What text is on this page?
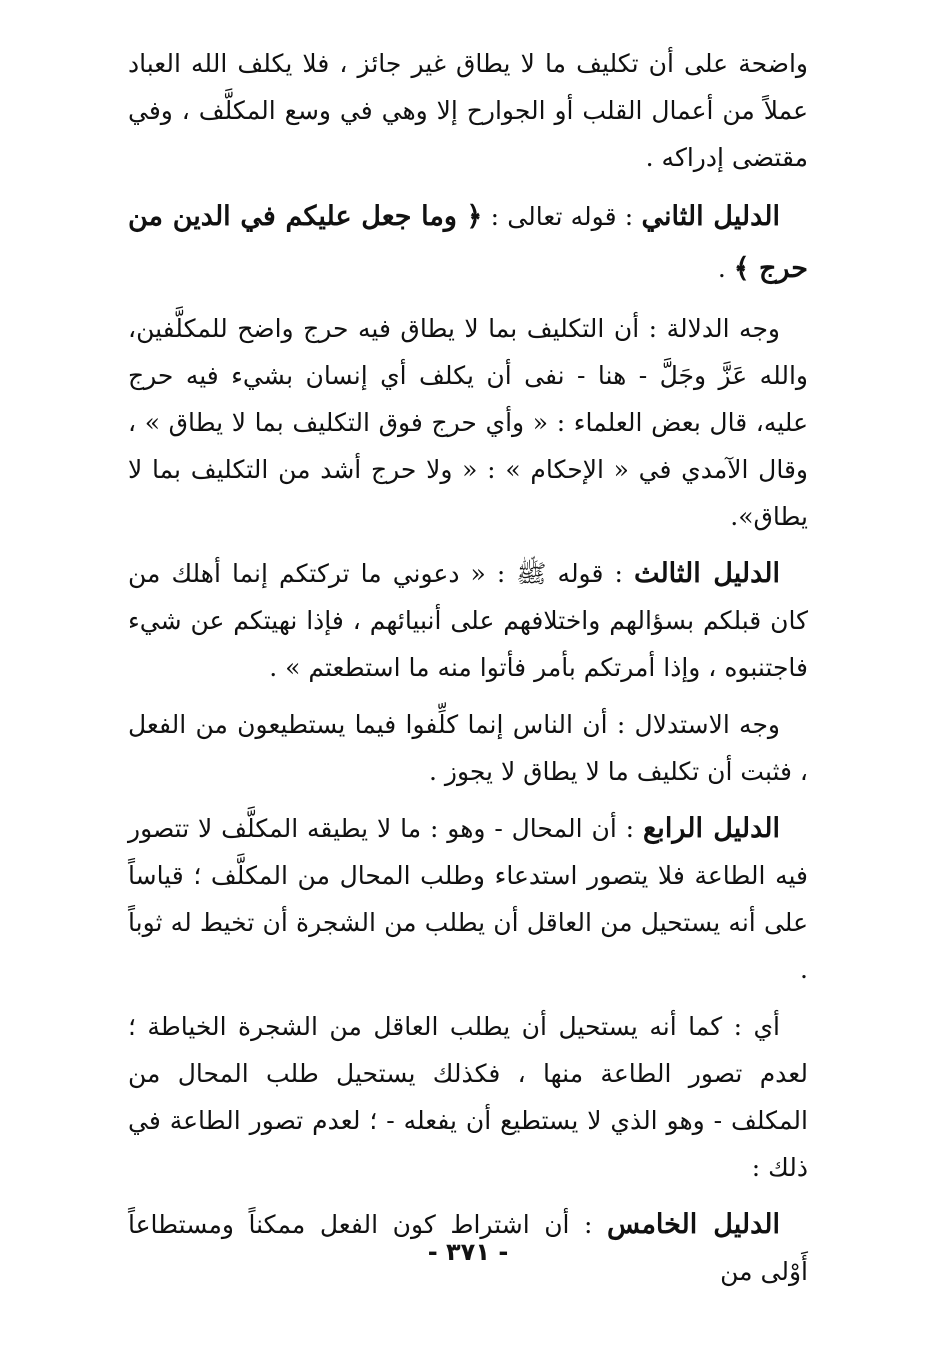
واضحة على أن تكليف ما لا يطاق غير جائز ، فلا يكلف الله العباد عملاً من أعمال القلب أو الجوارح إلا وهي في وسع المكلَّف ، وفي مقتضى إدراكه .

الدليل الثاني : قوله تعالى : ﴿ وما جعل عليكم في الدين من حرج ﴾ .

وجه الدلالة : أن التكليف بما لا يطاق فيه حرج واضح للمكلَّفين، والله عَزَّ وجَلَّ - هنا - نفى أن يكلف أي إنسان بشيء فيه حرج عليه، قال بعض العلماء : « وأي حرج فوق التكليف بما لا يطاق » ، وقال الآمدي في « الإحكام » : « ولا حرج أشد من التكليف بما لا يطاق».

الدليل الثالث : قوله ﷺ : « دعوني ما تركتكم إنما أهلك من كان قبلكم بسؤالهم واختلافهم على أنبيائهم ، فإذا نهيتكم عن شيء فاجتنبوه ، وإذا أمرتكم بأمر فأتوا منه ما استطعتم » .

وجه الاستدلال : أن الناس إنما كلِّفوا فيما يستطيعون من الفعل ، فثبت أن تكليف ما لا يطاق لا يجوز .

الدليل الرابع : أن المحال - وهو : ما لا يطيقه المكلَّف لا تتصور فيه الطاعة فلا يتصور استدعاء وطلب المحال من المكلَّف ؛ قياساً على أنه يستحيل من العاقل أن يطلب من الشجرة أن تخيط له ثوباً .

أي : كما أنه يستحيل أن يطلب العاقل من الشجرة الخياطة ؛ لعدم تصور الطاعة منها ، فكذلك يستحيل طلب المحال من المكلف - وهو الذي لا يستطيع أن يفعله - ؛ لعدم تصور الطاعة في ذلك :

الدليل الخامس : أن اشتراط كون الفعل ممكناً ومستطاعاً أَوْلى من

- ٣٧١ -
